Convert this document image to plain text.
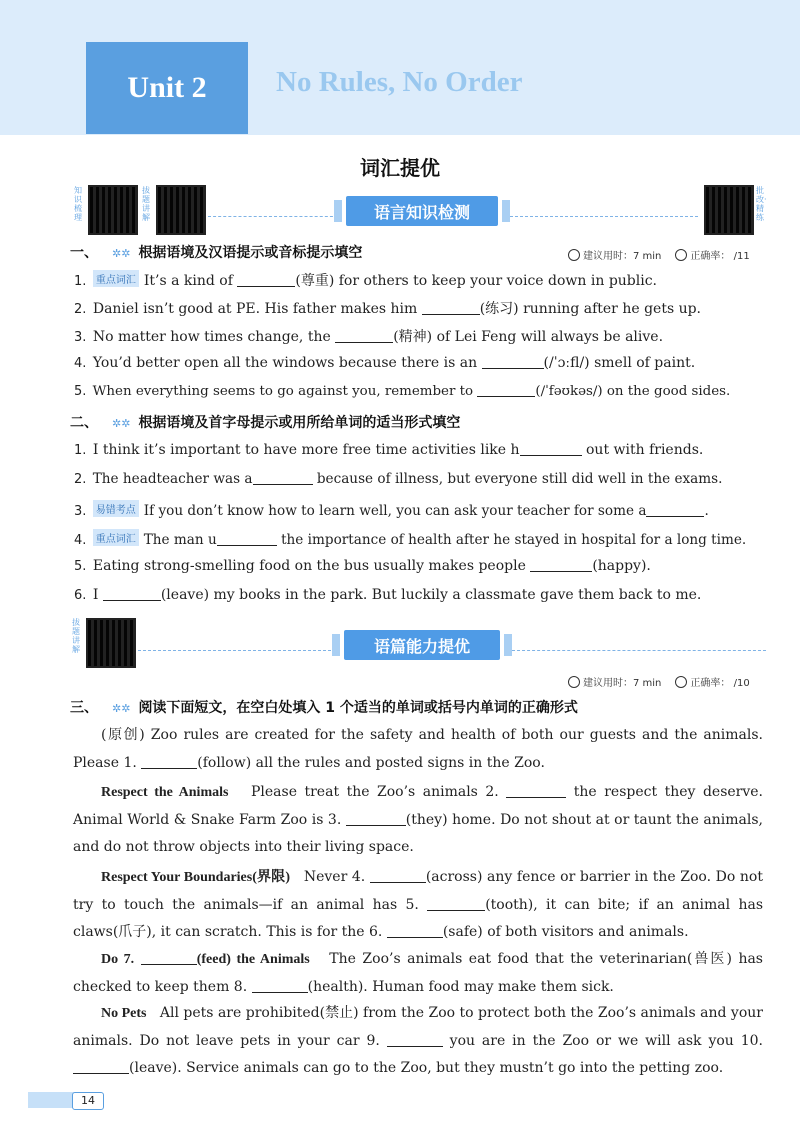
Unit 2	No Rules, No Order
词汇提优
知识梳理
拔题讲解
批改·精练
语言知识检测
一、 ✲✲ 根据语境及汉语提示或音标提示填空	建议用时：7 min	正确率： /11
1. 重点词汇 It’s a kind of	(尊重) for others to keep your voice down in public.
2. Daniel isn’t good at PE. His father makes him	(练习) running after he gets up.
3. No matter how times change, the	(精神) of Lei Feng will always be alive.
4. You’d better open all the windows because there is an	(/ˈɔːfl/) smell of paint.
5. When everything seems to go against you, remember to	(/ˈfəʊkəs/) on the good sides.
二、 ✲✲ 根据语境及首字母提示或用所给单词的适当形式填空
1. I think it’s important to have more free time activities like h	out with friends.
2. The headteacher was a	because of illness, but everyone still did well in the exams.
3. 易错考点 If you don’t know how to learn well, you can ask your teacher for some a	.
4. 重点词汇 The man u	the importance of health after he stayed in hospital for a long time.
5. Eating strong-smelling food on the bus usually makes people	(happy).
6. I	(leave) my books in the park. But luckily a classmate gave them back to me.
拔题讲解	语篇能力提优
建议用时：7 min	正确率： /10
三、 ✲✲ 阅读下面短文，在空白处填入 1 个适当的单词或括号内单词的正确形式
(原创) Zoo rules are created for the safety and health of both our guests and the animals. Please 1.	(follow) all the rules and posted signs in the Zoo.
Respect the Animals Please treat the Zoo’s animals 2.	the respect they deserve. Animal World & Snake Farm Zoo is 3.	(they) home. Do not shout at or taunt the animals, and do not throw objects into their living space.
Respect Your Boundaries(界限) Never 4.	(across) any fence or barrier in the Zoo. Do not try to touch the animals—if an animal has 5.	(tooth), it can bite; if an animal has claws(爪子), it can scratch. This is for the 6.	(safe) of both visitors and animals.
Do 7.	(feed) the Animals The Zoo’s animals eat food that the veterinarian(兽医) has checked to keep them 8.	(health). Human food may make them sick.
No Pets All pets are prohibited(禁止) from the Zoo to protect both the Zoo’s animals and your animals. Do not leave pets in your car 9.	you are in the Zoo or we will ask you 10. (leave). Service animals can go to the Zoo, but they mustn’t go into the petting zoo.
14
